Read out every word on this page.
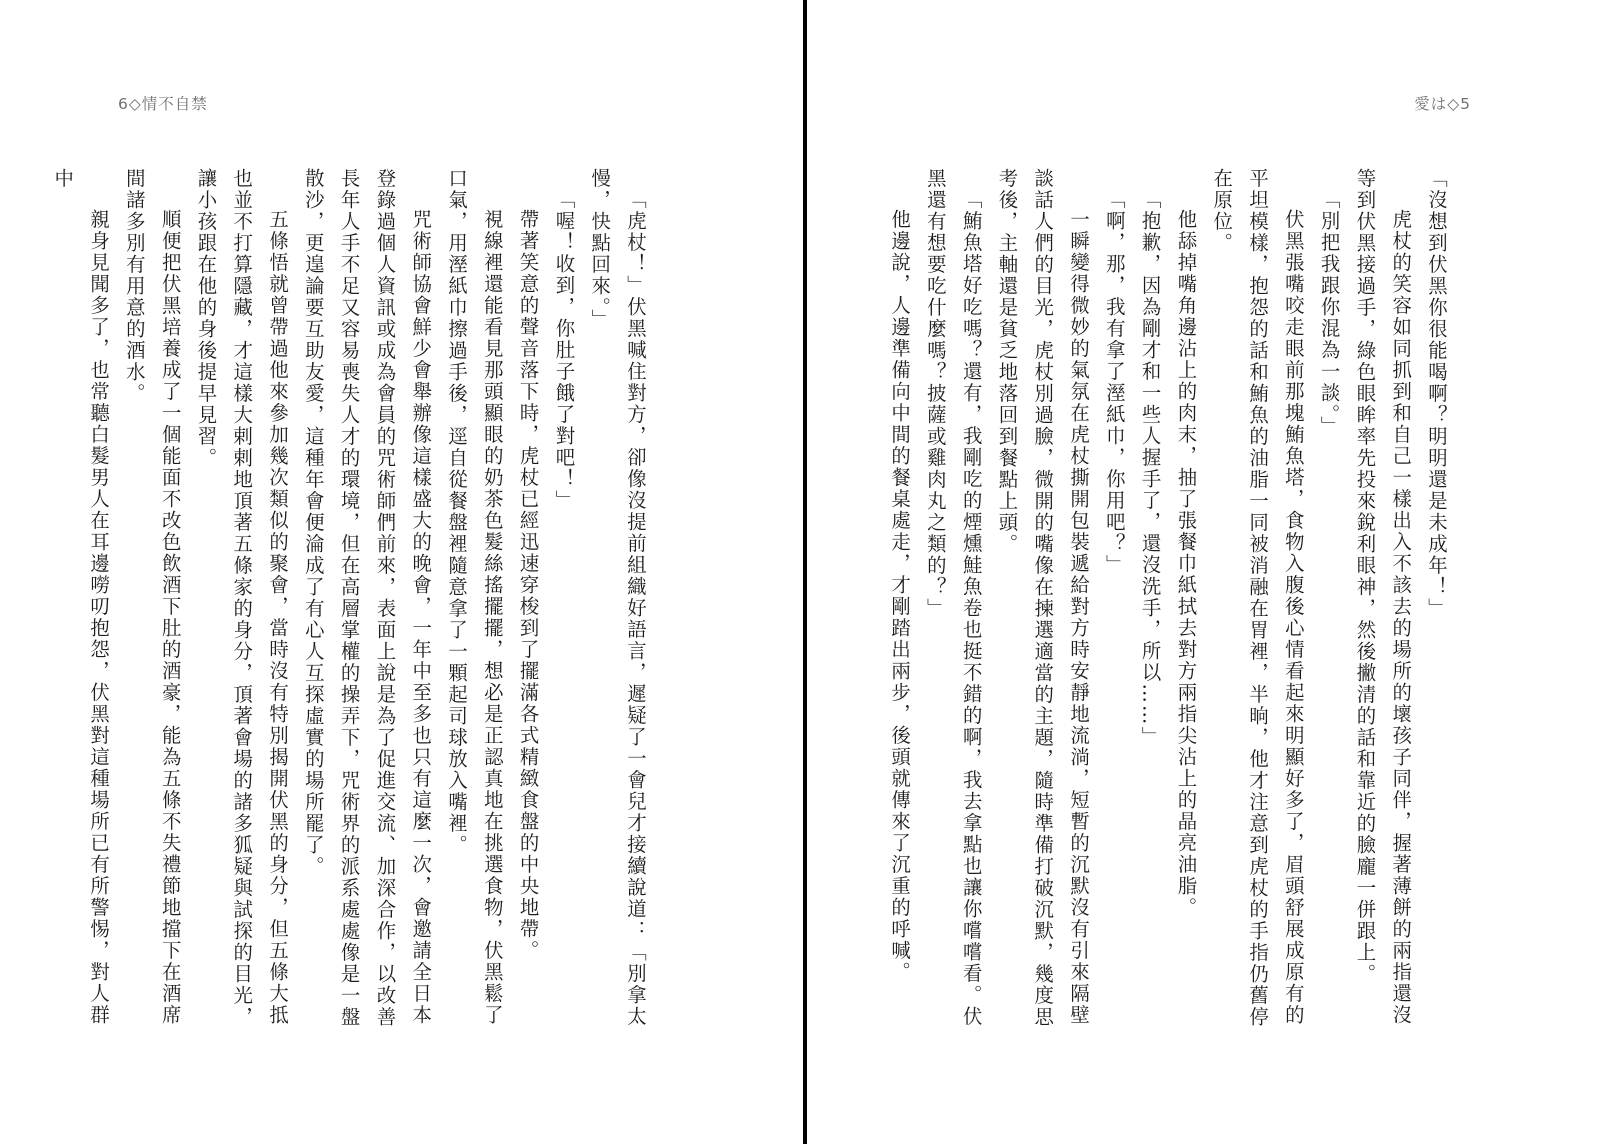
6◇情不自禁

「虎杖！」伏黑喊住對方，卻像沒提前組織好語言，遲疑了一會兒才接續說道：「別拿太慢，快點回來。」

「喔！收到，你肚子餓了對吧！」

帶著笑意的聲音落下時，虎杖已經迅速穿梭到了擺滿各式精緻食盤的中央地帶。

視線裡還能看見那頭顯眼的奶茶色髮絲搖擺擺，想必是正認真地在挑選食物，伏黑鬆了口氣，用溼紙巾擦過手後，逕自從餐盤裡隨意拿了一顆起司球放入嘴裡。

咒術師協會鮮少會舉辦像這樣盛大的晚會，一年中至多也只有這麼一次，會邀請全日本登錄過個人資訊或成為會員的咒術師們前來，表面上說是為了促進交流、加深合作，以改善長年人手不足又容易喪失人才的環境，但在高層掌權的操弄下，咒術界的派系處處像是一盤散沙，更遑論要互助友愛，這種年會便淪成了有心人互探虛實的場所罷了。

五條悟就曾帶過他來參加幾次類似的聚會，當時沒有特別揭開伏黑的身分，但五條大抵也並不打算隱藏，才這樣大剌剌地頂著五條家的身分，頂著會場的諸多狐疑與試探的目光，讓小孩跟在他的身後提早見習。

順便把伏黑培養成了一個能面不改色飲酒下肚的酒豪，能為五條不失禮節地擋下在酒席間諸多別有用意的酒水。

親身見聞多了，也常聽白髮男人在耳邊嘮叨抱怨，伏黑對這種場所已有所警惕，對人群中

愛は◇5

「沒想到伏黑你很能喝啊？明明還是未成年！」

虎杖的笑容如同抓到和自己一樣出入不該去的場所的壞孩子同伴，握著薄餅的兩指還沒等到伏黑接過手，綠色眼眸率先投來銳利眼神，然後撇清的話和靠近的臉龐一併跟上。

「別把我跟你混為一談。」

伏黑張嘴咬走眼前那塊鮪魚塔，食物入腹後心情看起來明顯好多了，眉頭舒展成原有的平坦模樣，抱怨的話和鮪魚的油脂一同被消融在胃裡，半晌，他才注意到虎杖的手指仍舊停在原位。

他舔掉嘴角邊沾上的肉末，抽了張餐巾紙拭去對方兩指尖沾上的晶亮油脂。

「抱歉，因為剛才和一些人握手了，還沒洗手，所以……」

「啊，那，我有拿了溼紙巾，你用吧？」

一瞬變得微妙的氣氛在虎杖撕開包裝遞給對方時安靜地流淌，短暫的沉默沒有引來隔壁談話人們的目光，虎杖別過臉，微開的嘴像在揀選適當的主題，隨時準備打破沉默，幾度思考後，主軸還是貧乏地落回到餐點上頭。

「鮪魚塔好吃嗎？還有，我剛吃的煙燻鮭魚卷也挺不錯的啊，我去拿點也讓你嚐嚐看。伏黑還有想要吃什麼嗎？披薩或雞肉丸之類的？」

他邊說，人邊準備向中間的餐桌處走，才剛踏出兩步，後頭就傳來了沉重的呼喊。
